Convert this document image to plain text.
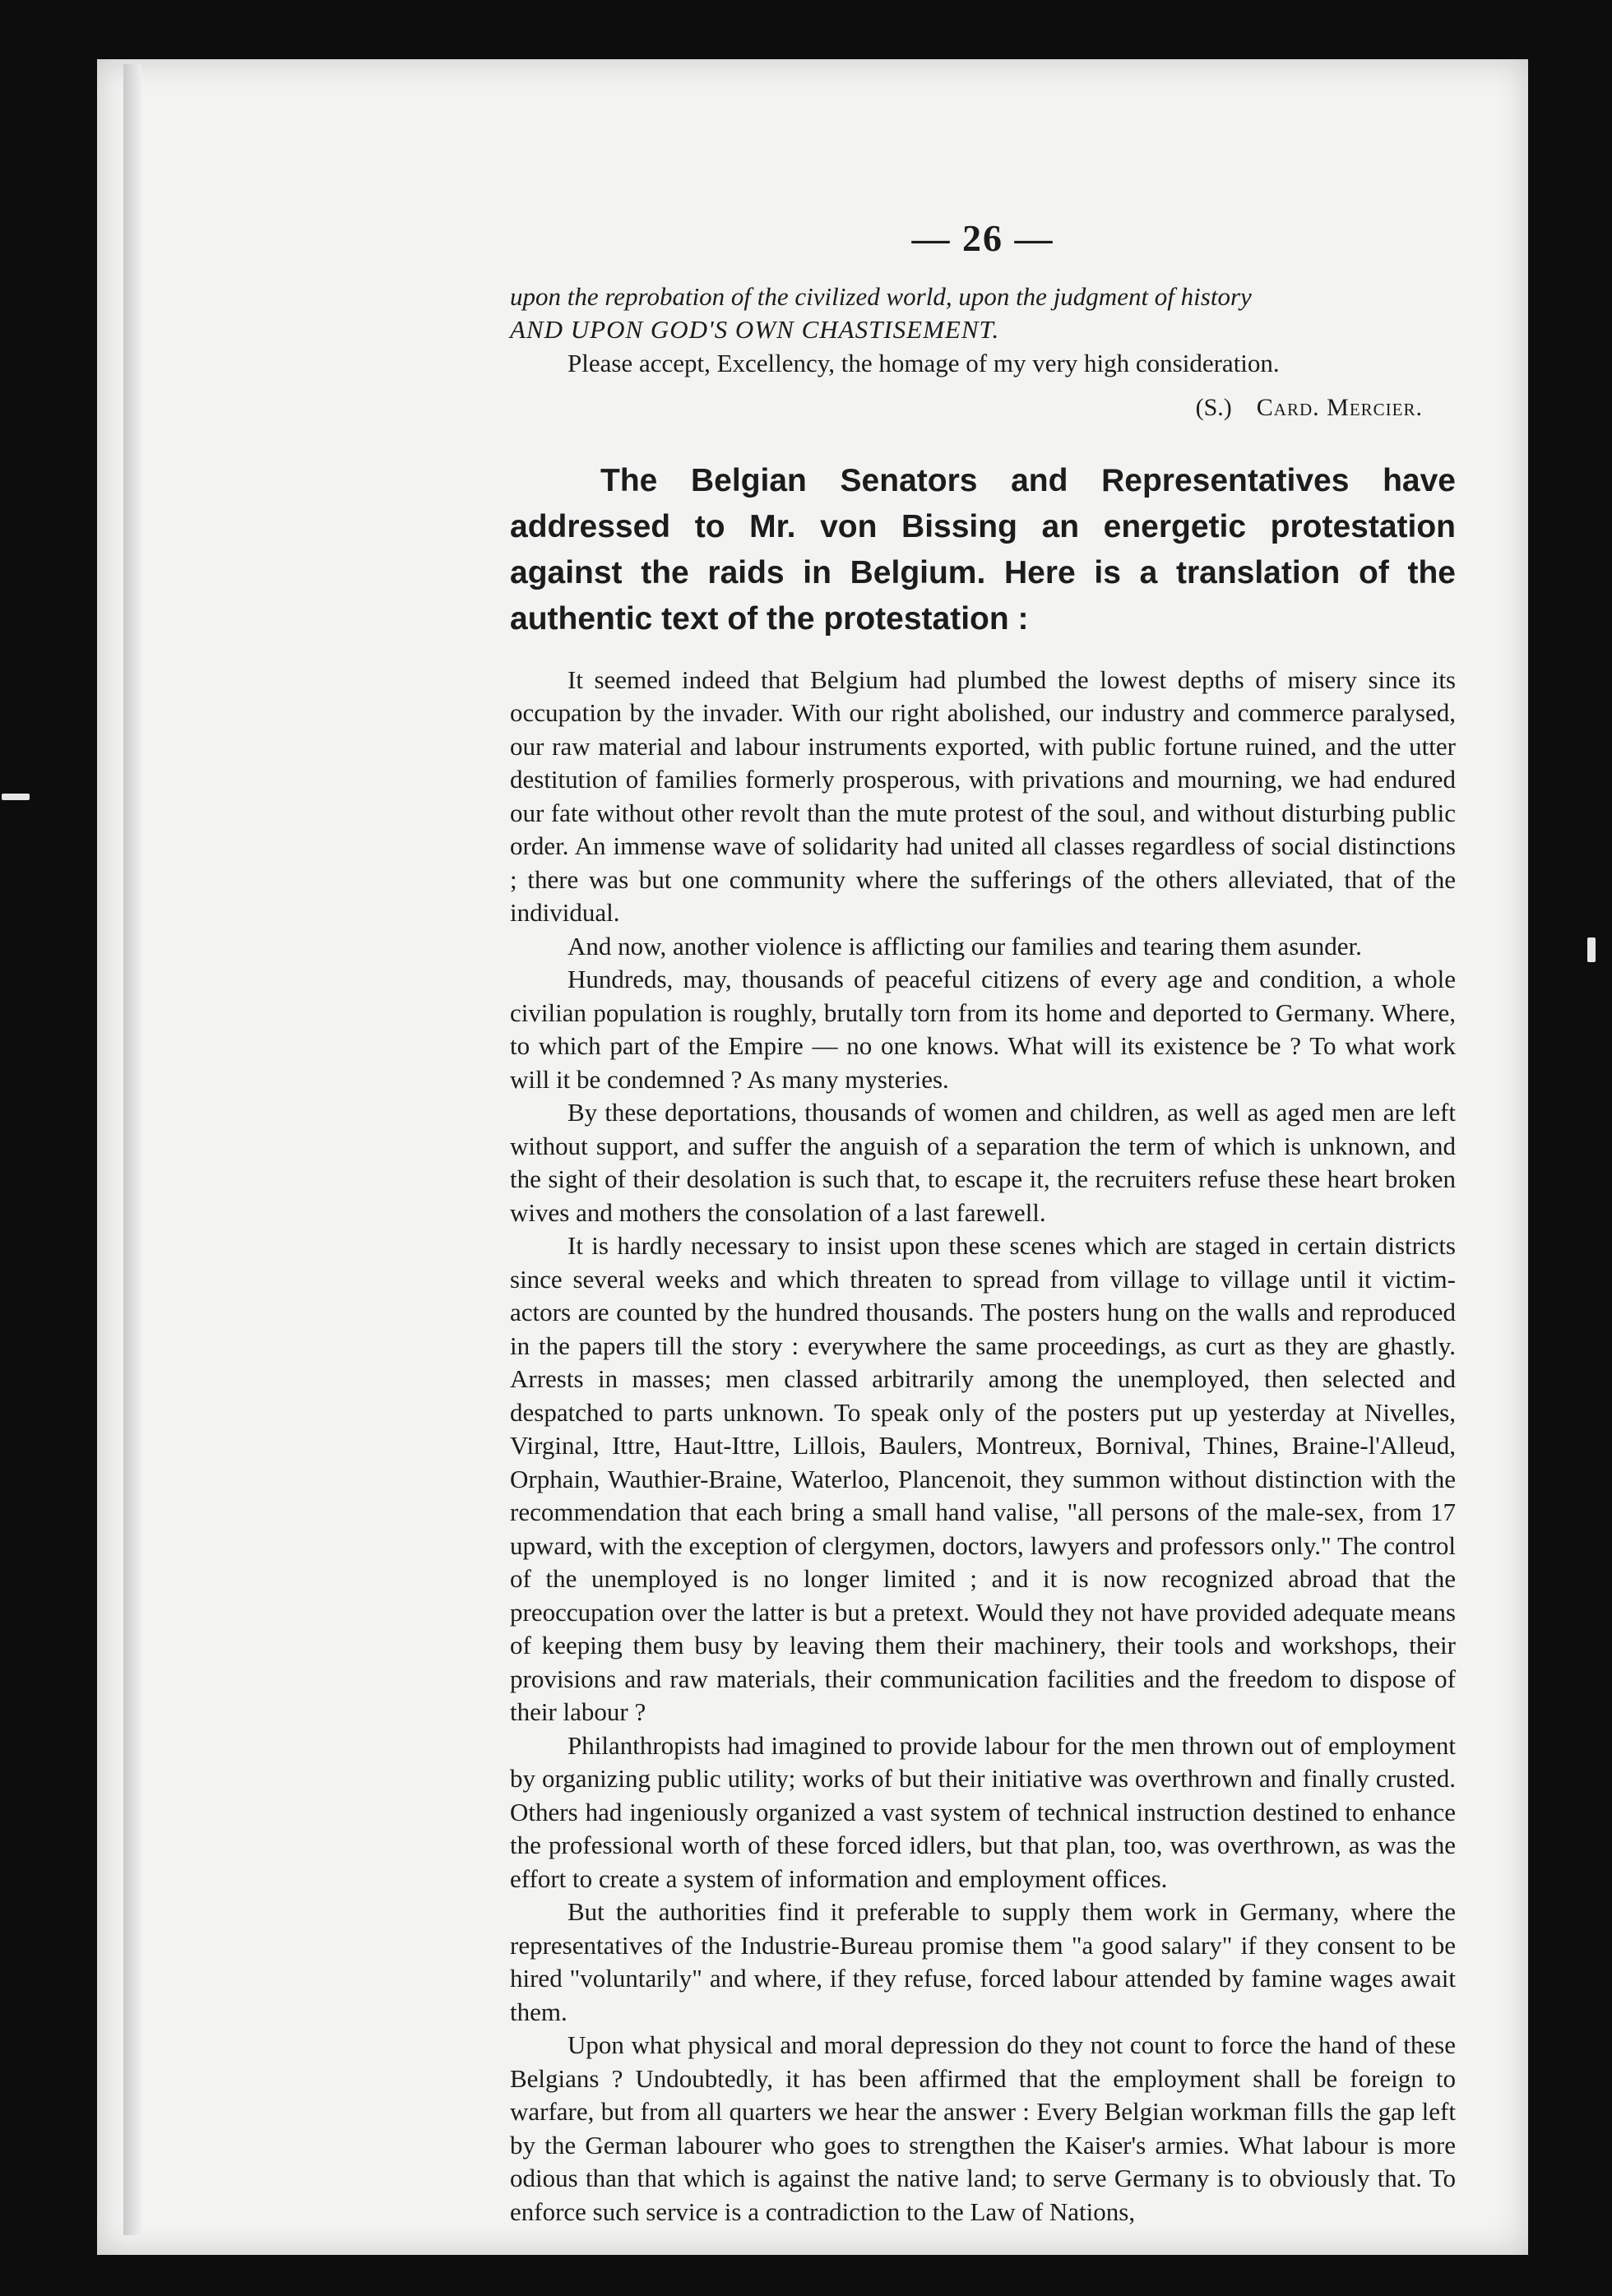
— 26 —

upon the reprobation of the civilized world, upon the judgment of history
AND UPON GOD'S OWN CHASTISEMENT.

Please accept, Excellency, the homage of my very high consideration.

(S.) Card. Mercier.

The Belgian Senators and Representatives have addressed to Mr. von Bissing an energetic protestation against the raids in Belgium. Here is a translation of the authentic text of the protestation :

It seemed indeed that Belgium had plumbed the lowest depths of misery since its occupation by the invader. With our right abolished, our industry and commerce paralysed, our raw material and labour instruments exported, with public fortune ruined, and the utter destitution of families formerly prosperous, with privations and mourning, we had endured our fate without other revolt than the mute protest of the soul, and without disturbing public order. An immense wave of solidarity had united all classes regardless of social distinctions ; there was but one community where the sufferings of the others alleviated, that of the individual.

And now, another violence is afflicting our families and tearing them asunder.

Hundreds, may, thousands of peaceful citizens of every age and condition, a whole civilian population is roughly, brutally torn from its home and deported to Germany. Where, to which part of the Empire — no one knows. What will its existence be ? To what work will it be condemned ? As many mysteries.

By these deportations, thousands of women and children, as well as aged men are left without support, and suffer the anguish of a separation the term of which is unknown, and the sight of their desolation is such that, to escape it, the recruiters refuse these heart broken wives and mothers the consolation of a last farewell.

It is hardly necessary to insist upon these scenes which are staged in certain districts since several weeks and which threaten to spread from village to village until it victim-actors are counted by the hundred thousands. The posters hung on the walls and reproduced in the papers till the story : everywhere the same proceedings, as curt as they are ghastly. Arrests in masses; men classed arbitrarily among the unemployed, then selected and despatched to parts unknown. To speak only of the posters put up yesterday at Nivelles, Virginal, Ittre, Haut-Ittre, Lillois, Baulers, Montreux, Bornival, Thines, Braine-l'Alleud, Orphain, Wauthier-Braine, Waterloo, Plancenoit, they summon without distinction with the recommendation that each bring a small hand valise, "all persons of the male-sex, from 17 upward, with the exception of clergymen, doctors, lawyers and professors only." The control of the unemployed is no longer limited ; and it is now recognized abroad that the preoccupation over the latter is but a pretext. Would they not have provided adequate means of keeping them busy by leaving them their machinery, their tools and workshops, their provisions and raw materials, their communication facilities and the freedom to dispose of their labour ?

Philanthropists had imagined to provide labour for the men thrown out of employment by organizing public utility; works of but their initiative was overthrown and finally crusted. Others had ingeniously organized a vast system of technical instruction destined to enhance the professional worth of these forced idlers, but that plan, too, was overthrown, as was the effort to create a system of information and employment offices.

But the authorities find it preferable to supply them work in Germany, where the representatives of the Industrie-Bureau promise them "a good salary" if they consent to be hired "voluntarily" and where, if they refuse, forced labour attended by famine wages await them.

Upon what physical and moral depression do they not count to force the hand of these Belgians ? Undoubtedly, it has been affirmed that the employment shall be foreign to warfare, but from all quarters we hear the answer : Every Belgian workman fills the gap left by the German labourer who goes to strengthen the Kaiser's armies. What labour is more odious than that which is against the native land; to serve Germany is to obviously that. To enforce such service is a contradiction to the Law of Nations,
